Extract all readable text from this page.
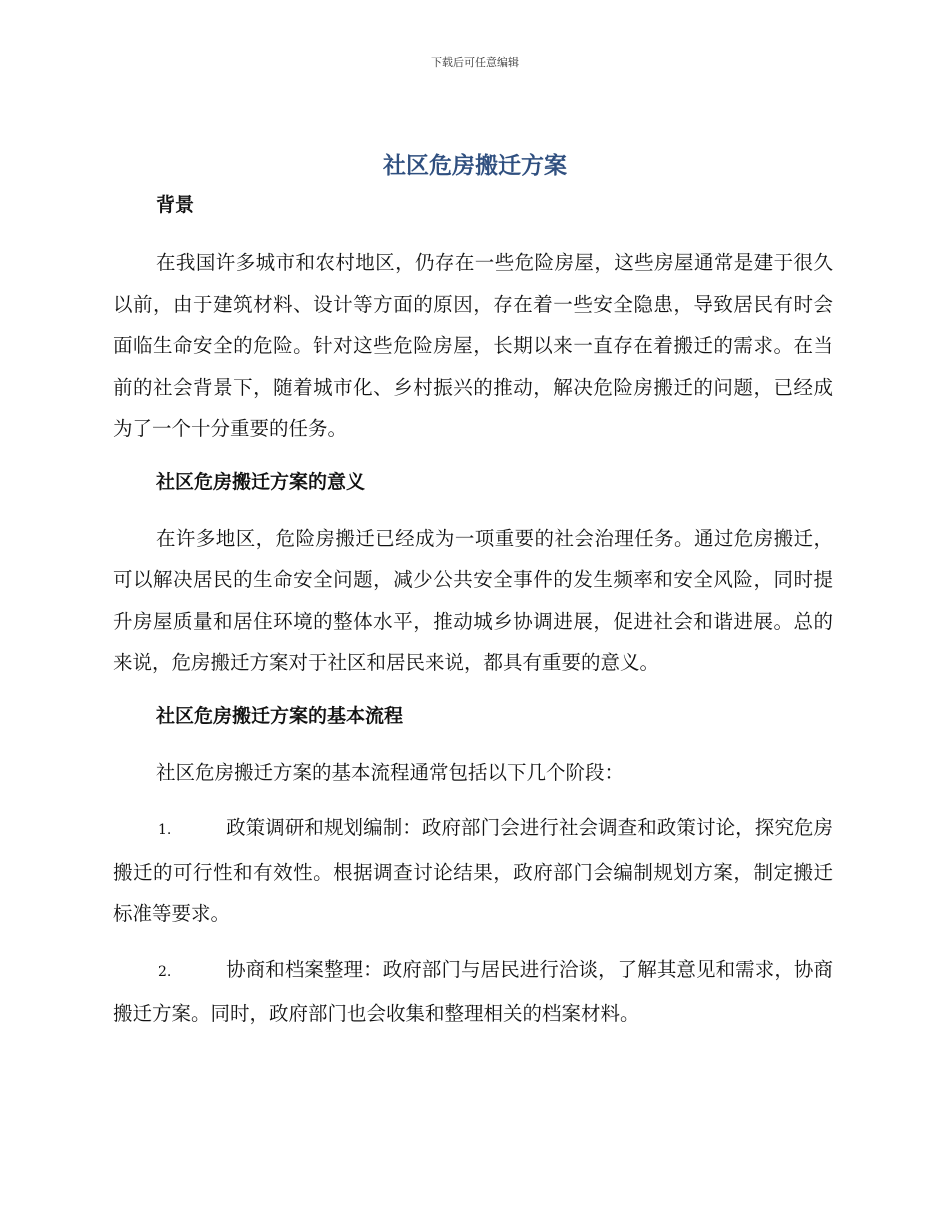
下载后可任意编辑
社区危房搬迁方案
背景

在我国许多城市和农村地区，仍存在一些危险房屋，这些房屋通常是建于很久以前，由于建筑材料、设计等方面的原因，存在着一些安全隐患，导致居民有时会面临生命安全的危险。针对这些危险房屋，长期以来一直存在着搬迁的需求。在当前的社会背景下，随着城市化、乡村振兴的推动，解决危险房搬迁的问题，已经成为了一个十分重要的任务。

社区危房搬迁方案的意义

在许多地区，危险房搬迁已经成为一项重要的社会治理任务。通过危房搬迁，可以解决居民的生命安全问题，减少公共安全事件的发生频率和安全风险，同时提升房屋质量和居住环境的整体水平，推动城乡协调进展，促进社会和谐进展。总的来说，危房搬迁方案对于社区和居民来说，都具有重要的意义。

社区危房搬迁方案的基本流程

社区危房搬迁方案的基本流程通常包括以下几个阶段：

1.	政策调研和规划编制：政府部门会进行社会调查和政策讨论，探究危房搬迁的可行性和有效性。根据调查讨论结果，政府部门会编制规划方案，制定搬迁标准等要求。
2.	协商和档案整理：政府部门与居民进行洽谈，了解其意见和需求，协商搬迁方案。同时，政府部门也会收集和整理相关的档案材料。
